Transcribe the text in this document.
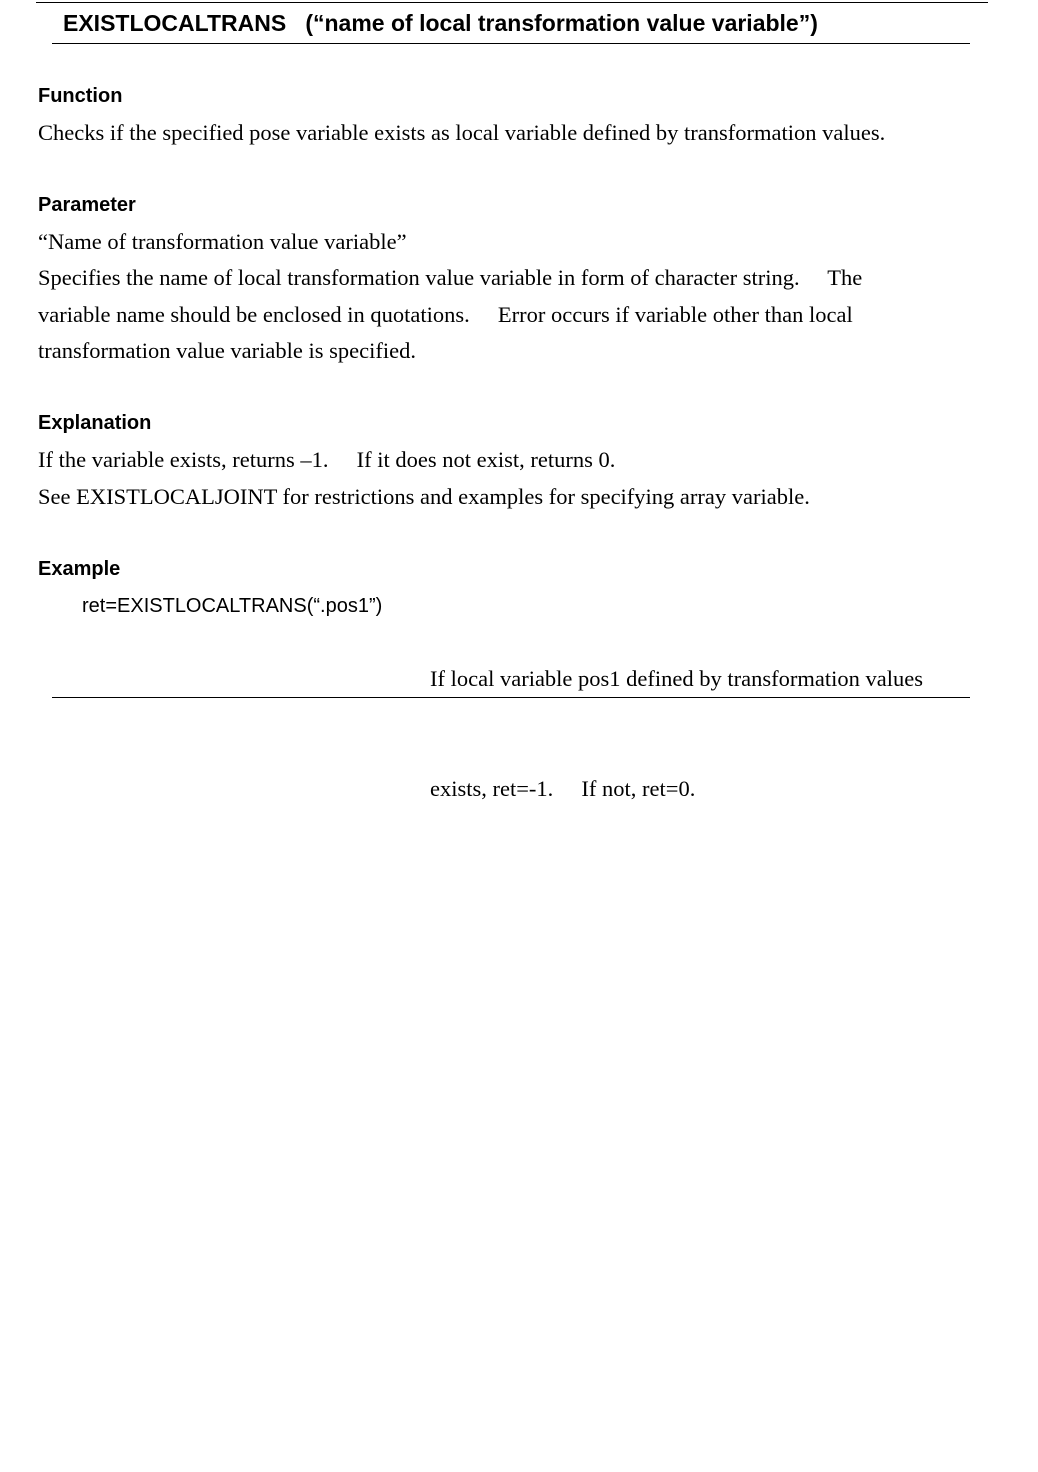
EXISTLOCALTRANS   (“name of local transformation value variable”)
Function
Checks if the specified pose variable exists as local variable defined by transformation values.
Parameter
“Name of transformation value variable”
Specifies the name of local transformation value variable in form of character string.     The
variable name should be enclosed in quotations.     Error occurs if variable other than local
transformation value variable is specified.
Explanation
If the variable exists, returns –1.     If it does not exist, returns 0.
See EXISTLOCALJOINT for restrictions and examples for specifying array variable.
Example
ret=EXISTLOCALTRANS(“.pos1”)

If local variable pos1 defined by transformation values

exists, ret=-1.     If not, ret=0.
